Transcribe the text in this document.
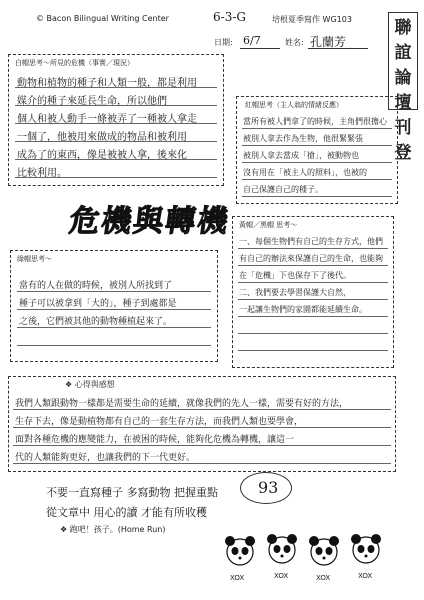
© Bacon Bilingual Writing Center	6-3-G	培根夏季寫作 WG103
日期: 6/7	姓名: 孔蘭芳
聯
誼
論
壇
刊
登
白帽思考～所見的危機（事實／現況）
動物和植物的種子和人類一般，都是利用
媒介的種子來延長生命，所以他們
個人和被人動手一條被弄了一種被人拿走
一個了，他被用來做成的物品和被利用
成為了的東西，像是被被人拿，後來化
比較利用。
紅帽思考（主人翁的情緒反應）
當所有被人們拿了的時候，主角們很擔心
被別人拿去作為生物，他很緊緊張
被別人拿去當成「搶」，被動物也
沒有用在「被主人的照料」，也被的
自己保護自己的種子。
危機與轉機
綠帽思考～
當有的人在做的時候，被別人所找到了
種子可以被拿到「大的」，種子到處都是
之後，它們被其他的動物種植起來了。
黃帽／黑帽 思考～
一、每個生物們有自己的生存方式，他們
有自己的辦法來保護自己的生命，也能夠
在「危機」下也保存下了後代。
二、我們要去學習保護大自然，
一起讓生物們的家園都能延續生命。
❖ 心得與感想
我們人類跟動物一樣都是需要生命的延續，就像我們的先人一樣，需要有好的方法，
生存下去，像是動植物都有自己的一套生存方法，而我們人類也要學會，
面對各種危機的應變能力，在被困的時候，能夠化危機為轉機，讓這一
代的人類能夠更好，也讓我們的下一代更好。
不要一直寫種子 多寫動物 把握重點
從文章中 用心的讀 才能有所收穫
93
❖ 跑吧！孩子。(Home Run)
XOX	XOX	XOX	XOX
